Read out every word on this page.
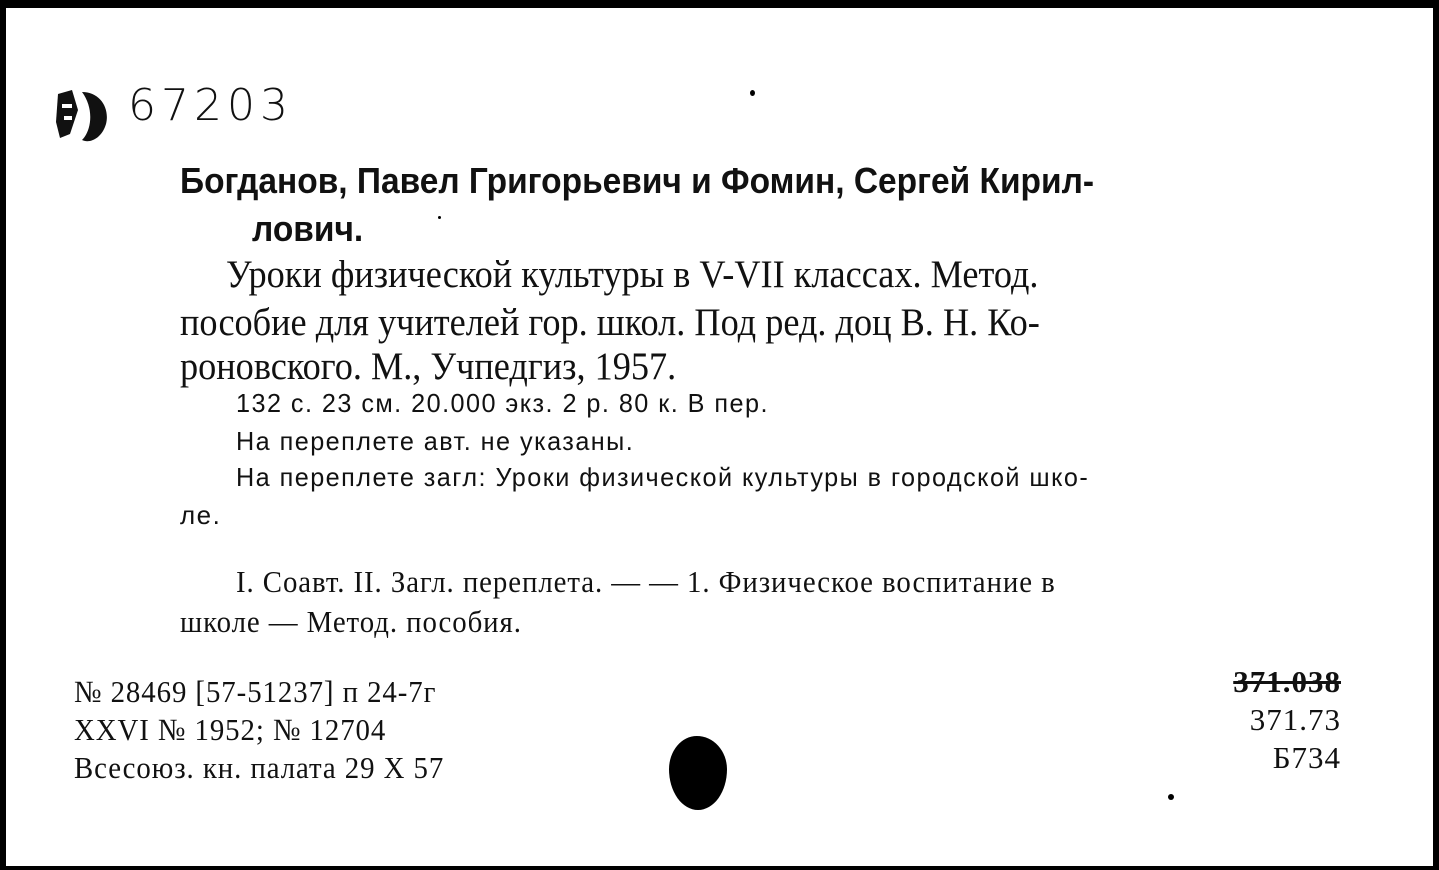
67203
Богданов, Павел Григорьевич и Фомин, Сергей Кирил-
лович.
Уроки физической культуры в V-VII классах. Метод.
пособие для учителей гор. школ. Под ред. доц В. Н. Ко-
роновского. М., Учпедгиз, 1957.
132 с. 23 см. 20.000 экз. 2 р. 80 к. В пер.
На переплете авт. не указаны.
На переплете загл: Уроки физической культуры в городской шко-
ле.
I. Соавт. II. Загл. переплета. — — 1. Физическое воспитание в
школе — Метод. пособия.
№ 28469 [57-51237] п 24-7г
XXVI № 1952; № 12704
Всесоюз. кн. палата 29 X 57
371.038
371.73
Б734
